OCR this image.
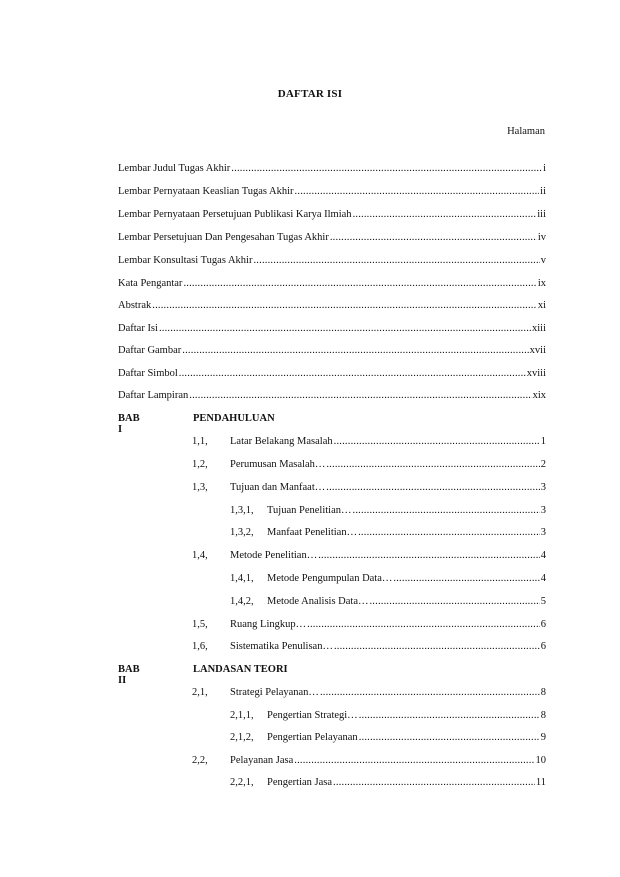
DAFTAR ISI
Halaman
Lembar Judul Tugas Akhir .....	i
Lembar Pernyataan Keaslian Tugas Akhir .....	ii
Lembar Pernyataan Persetujuan Publikasi Karya Ilmiah .....	iii
Lembar Persetujuan Dan Pengesahan Tugas Akhir .....	iv
Lembar Konsultasi Tugas Akhir .....	v
Kata Pengantar .....	ix
Abstrak .....	xi
Daftar Isi .....	xiii
Daftar Gambar .....	xvii
Daftar Simbol .....	xviii
Daftar Lampiran .....	xix
BAB I
PENDAHULUAN
1,1,	Latar Belakang Masalah .....	1
1,2,	Perumusan Masalah… .....	2
1,3,	Tujuan dan Manfaat… .....	3
1,3,1,	Tujuan Penelitian… .....	3
1,3,2,	Manfaat Penelitian… .....	3
1,4,	Metode Penelitian… .....	4
1,4,1,	Metode Pengumpulan Data… .....	4
1,4,2,	Metode Analisis Data… .....	5
1,5,	Ruang Lingkup… .....	6
1,6,	Sistematika Penulisan… .....	6
BAB II
LANDASAN TEORI
2,1,	Strategi Pelayanan… .....	8
2,1,1,	Pengertian Strategi… .....	8
2,1,2,	Pengertian Pelayanan .....	9
2,2,	Pelayanan Jasa .....	10
2,2,1,	Pengertian Jasa .....	11
